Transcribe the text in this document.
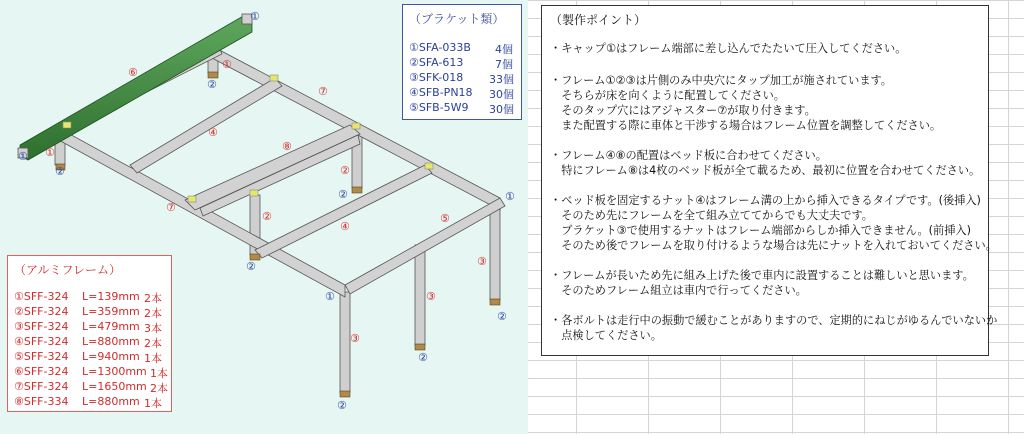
①
①
①
①
①
①
②
②
②
②
②
②
②
②
②
③
③
③
④
④
⑤
⑥
⑦
⑦
⑧
（ブラケット類）
①SFA-033B 4個
②SFA-613	7個
③SFK-018 33個
④SFB-PN18 30個
⑤SFB-5W9 30個
（アルミフレーム）
①SFF-324 L=139mm 2本
②SFF-324 L=359mm 2本
③SFF-324 L=479mm 3本
④SFF-324 L=880mm 2本
⑤SFF-324 L=940mm 1本
⑥SFF-324 L=1300mm 1本
⑦SFF-324 L=1650mm 2本
⑧SFF-334 L=880mm 1本
（製作ポイント）
・キャップ①はフレーム端部に差し込んでたたいて圧入してください。
・フレーム①②③は片側のみ中央穴にタップ加工が施されています。
　そちらが床を向くように配置してください。
　そのタップ穴にはアジャスター⑦が取り付きます。
　また配置する際に車体と干渉する場合はフレーム位置を調整してください。
・フレーム④⑧の配置はベッド板に合わせてください。
　特にフレーム⑧は4枚のベッド板が全て載るため、最初に位置を合わせてください。
・ベッド板を固定するナット④はフレーム溝の上から挿入できるタイプです。(後挿入)
　そのため先にフレームを全て組み立ててからでも大丈夫です。
　ブラケット③で使用するナットはフレーム端部からしか挿入できません。(前挿入)
　そのため後でフレームを取り付けるような場合は先にナットを入れておいてください。
・フレームが長いため先に組み上げた後で車内に設置することは難しいと思います。
　そのためフレーム組立は車内で行ってください。
・各ボルトは走行中の振動で緩むことがありますので、定期的にねじがゆるんでいないか
　点検してください。
